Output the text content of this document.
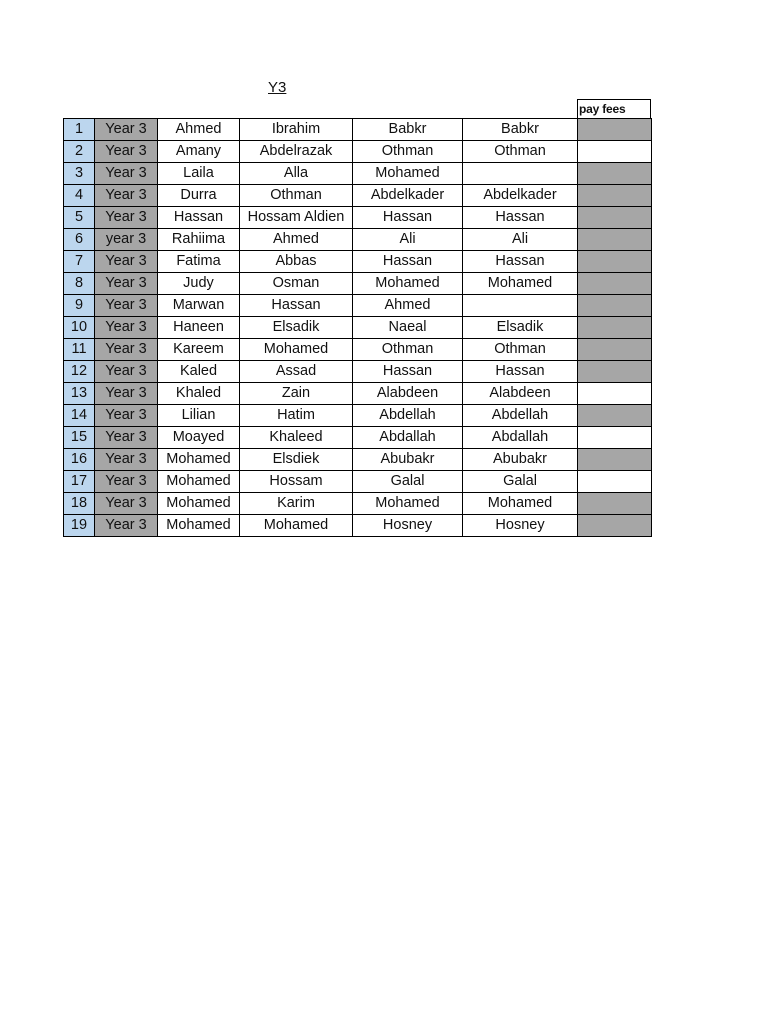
Y3
pay fees
1	Year 3	Ahmed	Ibrahim	Babkr	Babkr	
2	Year 3	Amany	Abdelrazak	Othman	Othman	
3	Year 3	Laila	Alla	Mohamed		
4	Year 3	Durra	Othman	Abdelkader	Abdelkader	
5	Year 3	Hassan	Hossam Aldien	Hassan	Hassan	
6	year 3	Rahiima	Ahmed	Ali	Ali	
7	Year 3	Fatima	Abbas	Hassan	Hassan	
8	Year 3	Judy	Osman	Mohamed	Mohamed	
9	Year 3	Marwan	Hassan	Ahmed		
10	Year 3	Haneen	Elsadik	Naeal	Elsadik	
11	Year 3	Kareem	Mohamed	Othman	Othman	
12	Year 3	Kaled	Assad	Hassan	Hassan	
13	Year 3	Khaled	Zain	Alabdeen	Alabdeen	
14	Year 3	Lilian	Hatim	Abdellah	Abdellah	
15	Year 3	Moayed	Khaleed	Abdallah	Abdallah	
16	Year 3	Mohamed	Elsdiek	Abubakr	Abubakr	
17	Year 3	Mohamed	Hossam	Galal	Galal	
18	Year 3	Mohamed	Karim	Mohamed	Mohamed	
19	Year 3	Mohamed	Mohamed	Hosney	Hosney	
